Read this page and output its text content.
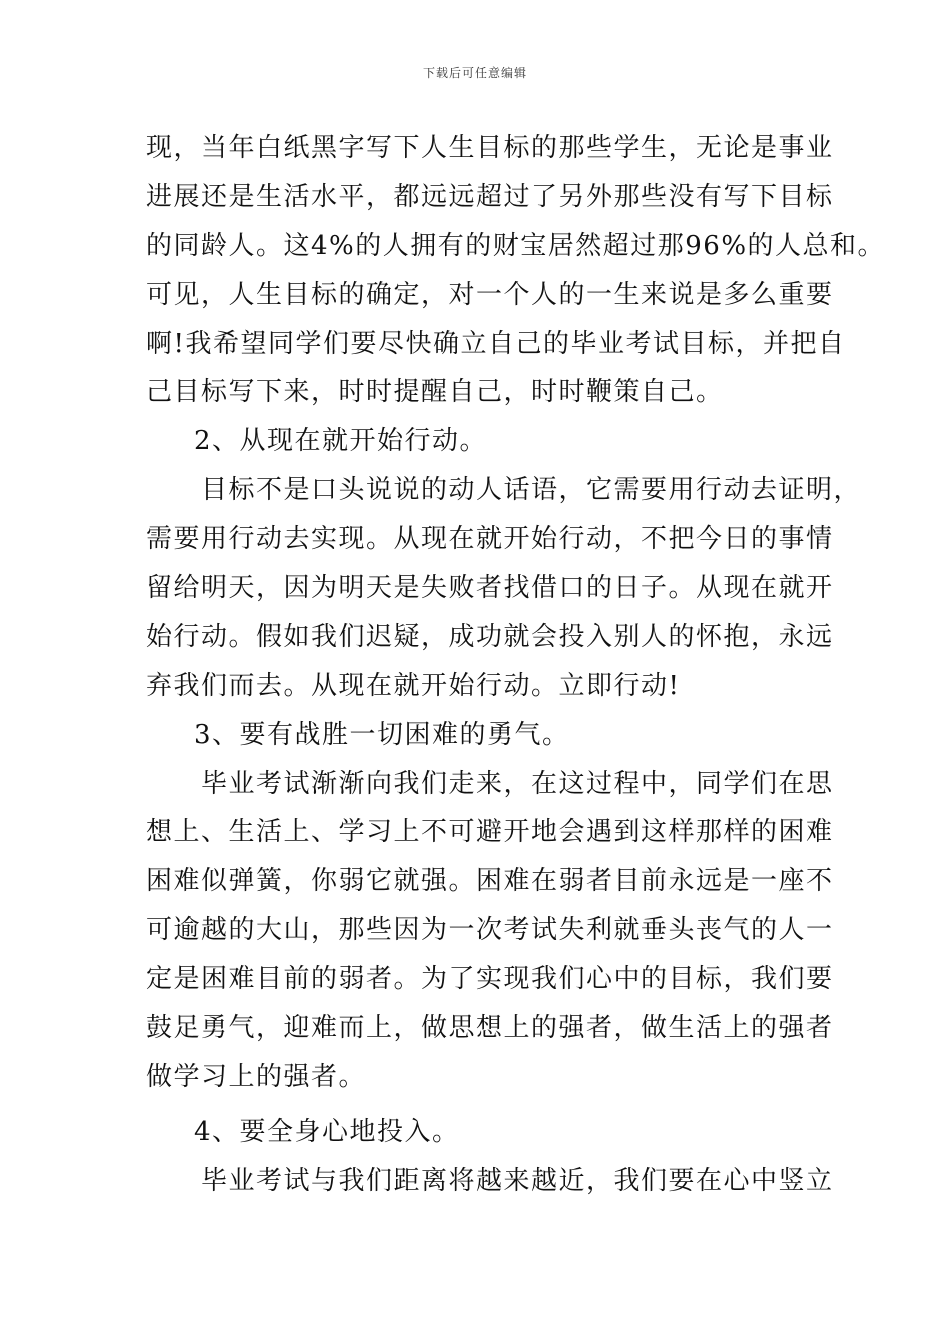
下载后可任意编辑
现，当年白纸黑字写下人生目标的那些学生，无论是事业
进展还是生活水平，都远远超过了另外那些没有写下目标
的同龄人。这4%的人拥有的财宝居然超过那96%的人总和。
可见，人生目标的确定，对一个人的一生来说是多么重要
啊!我希望同学们要尽快确立自己的毕业考试目标，并把自
己目标写下来，时时提醒自己，时时鞭策自己。
2、从现在就开始行动。
目标不是口头说说的动人话语，它需要用行动去证明，
需要用行动去实现。从现在就开始行动，不把今日的事情
留给明天，因为明天是失败者找借口的日子。从现在就开
始行动。假如我们迟疑，成功就会投入别人的怀抱，永远
弃我们而去。从现在就开始行动。立即行动!
3、要有战胜一切困难的勇气。
毕业考试渐渐向我们走来，在这过程中，同学们在思
想上、生活上、学习上不可避开地会遇到这样那样的困难
困难似弹簧，你弱它就强。困难在弱者目前永远是一座不
可逾越的大山，那些因为一次考试失利就垂头丧气的人一
定是困难目前的弱者。为了实现我们心中的目标，我们要
鼓足勇气，迎难而上，做思想上的强者，做生活上的强者
做学习上的强者。
4、要全身心地投入。
毕业考试与我们距离将越来越近，我们要在心中竖立
